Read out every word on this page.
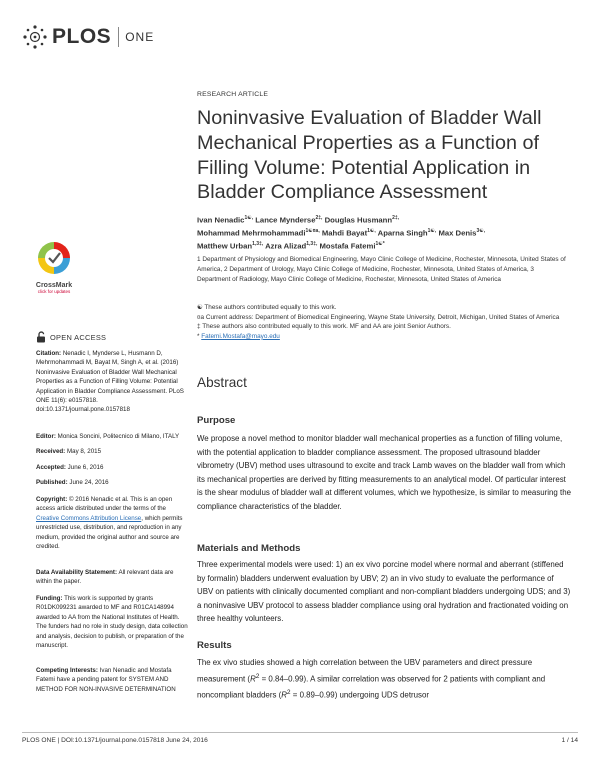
PLOS ONE
CrossMark
click for updates
OPEN ACCESS

Citation: Nenadic I, Mynderse L, Husmann D, Mehrmohammadi M, Bayat M, Singh A, et al. (2016) Noninvasive Evaluation of Bladder Wall Mechanical Properties as a Function of Filling Volume: Potential Application in Bladder Compliance Assessment. PLoS ONE 11(6): e0157818. doi:10.1371/journal.pone.0157818

Editor: Monica Soncini, Politecnico di Milano, ITALY

Received: May 8, 2015

Accepted: June 6, 2016

Published: June 24, 2016

Copyright: © 2016 Nenadic et al. This is an open access article distributed under the terms of the Creative Commons Attribution License, which permits unrestricted use, distribution, and reproduction in any medium, provided the original author and source are credited.

Data Availability Statement: All relevant data are within the paper.

Funding: This work is supported by grants R01DK099231 awarded to MF and R01CA148994 awarded to AA from the National Institutes of Health. The funders had no role in study design, data collection and analysis, decision to publish, or preparation of the manuscript.

Competing Interests: Ivan Nenadic and Mostafa Fatemi have a pending patent for SYSTEM AND METHOD FOR NON-INVASIVE DETERMINATION

RESEARCH ARTICLE
Noninvasive Evaluation of Bladder Wall Mechanical Properties as a Function of Filling Volume: Potential Application in Bladder Compliance Assessment
Ivan Nenadic$^{1☯,}$ Lance Mynderse$^{2\ddagger,}$ Douglas Husmann$^{2\ddagger,}$
Mohammad Mehrmohammadi$^{1☯¤a,}$ Mahdi Bayat$^{1☯,}$ Aparna Singh$^{1☯,}$ Max Denis$^{3☯,}$
Matthew Urban$^{1,3\ddagger,}$ Azra Alizad$^{1,3\ddagger,}$ Mostafa Fatemi$^{1☯*}$
1 Department of Physiology and Biomedical Engineering, Mayo Clinic College of Medicine, Rochester, Minnesota, United States of America, 2 Department of Urology, Mayo Clinic College of Medicine, Rochester, Minnesota, United States of America, 3 Department of Radiology, Mayo Clinic College of Medicine, Rochester, Minnesota, United States of America
☯ These authors contributed equally to this work.
¤a Current address: Department of Biomedical Engineering, Wayne State University, Detroit, Michigan, United States of America
‡ These authors also contributed equally to this work. MF and AA are joint Senior Authors.
* Fatemi.Mostafa@mayo.edu
Abstract
Purpose

We propose a novel method to monitor bladder wall mechanical properties as a function of filling volume, with the potential application to bladder compliance assessment. The proposed ultrasound bladder vibrometry (UBV) method uses ultrasound to excite and track Lamb waves on the bladder wall from which its mechanical properties are derived by fitting measurements to an analytical model. Of particular interest is the shear modulus of bladder wall at different volumes, which we hypothesize, is similar to measuring the compliance characteristics of the bladder.

Materials and Methods

Three experimental models were used: 1) an ex vivo porcine model where normal and aberrant (stiffened by formalin) bladders underwent evaluation by UBV; 2) an in vivo study to evaluate the performance of UBV on patients with clinically documented compliant and non-compliant bladders undergoing UDS; and 3) a noninvasive UBV protocol to assess bladder compliance using oral hydration and fractionated voiding on three healthy volunteers.

Results

The ex vivo studies showed a high correlation between the UBV parameters and direct pressure measurement $(R^2 = 0.84-0.99)$. A similar correlation was observed for 2 patients with compliant and noncompliant bladders $(R^2 = 0.89-0.99)$ undergoing UDS detrusor

PLOS ONE | DOI:10.1371/journal.pone.0157818 June 24, 2016	1 / 14
